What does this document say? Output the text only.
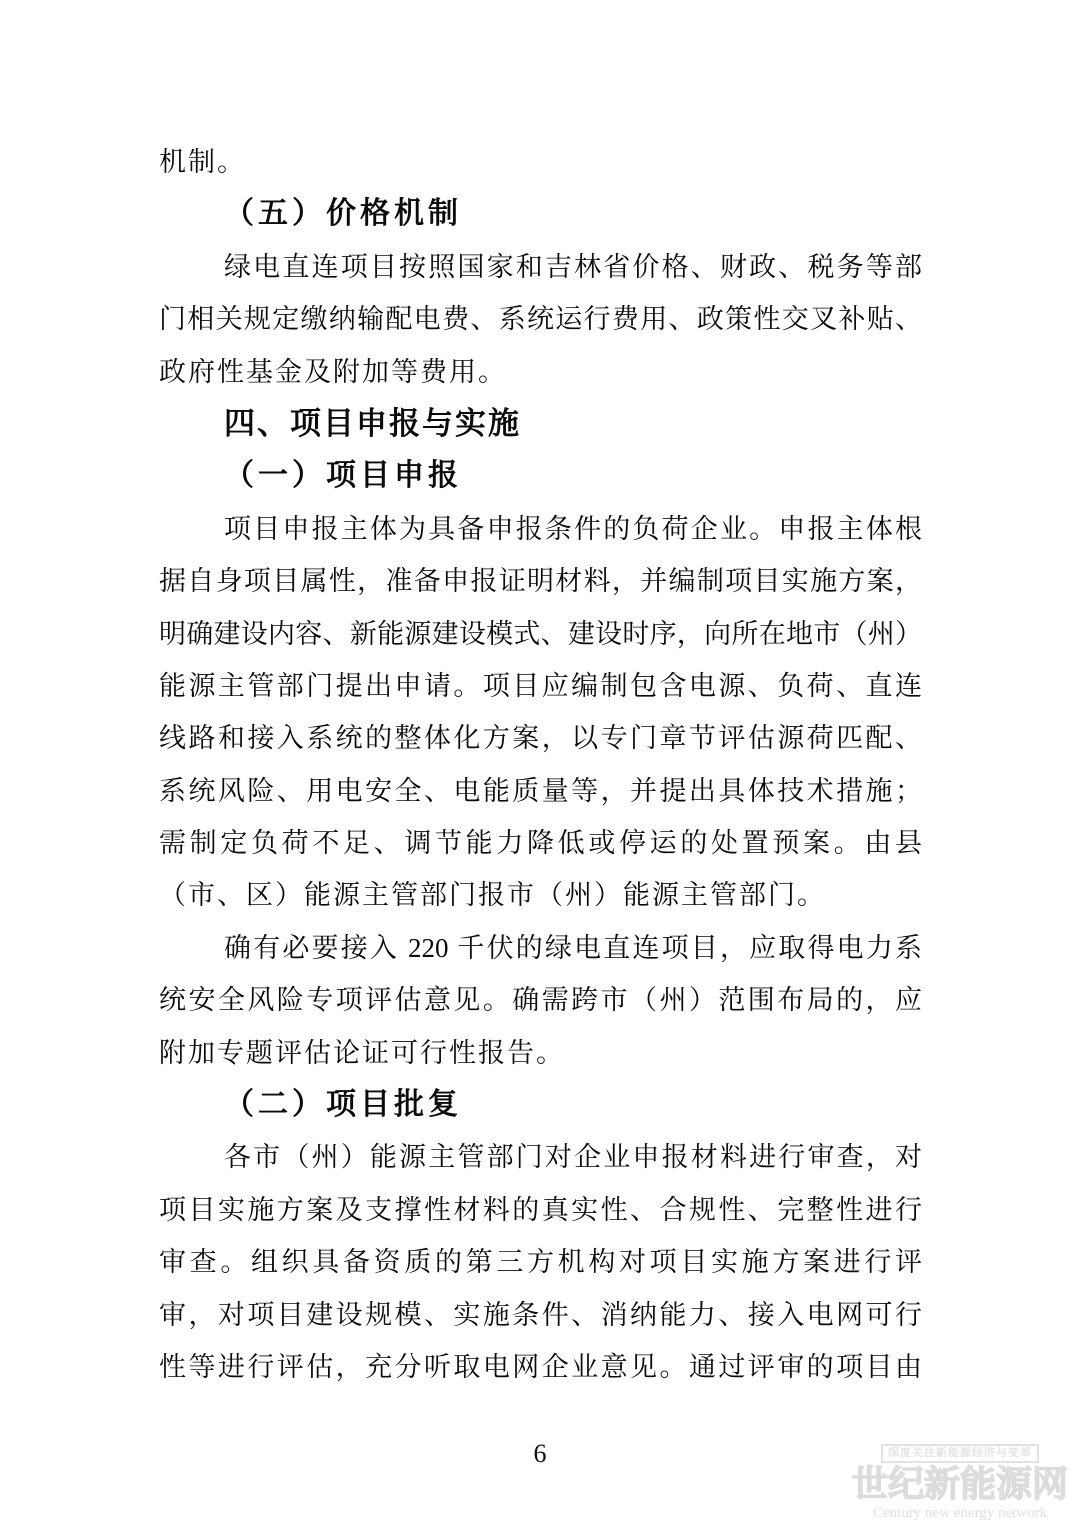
机制。
（五）价格机制
绿电直连项目按照国家和吉林省价格、财政、税务等部
门相关规定缴纳输配电费、系统运行费用、政策性交叉补贴、
政府性基金及附加等费用。
四、项目申报与实施
（一）项目申报
项目申报主体为具备申报条件的负荷企业。申报主体根
据自身项目属性，准备申报证明材料，并编制项目实施方案，
明确建设内容、新能源建设模式、建设时序，向所在地市（州）
能源主管部门提出申请。项目应编制包含电源、负荷、直连
线路和接入系统的整体化方案，以专门章节评估源荷匹配、
系统风险、用电安全、电能质量等，并提出具体技术措施；
需制定负荷不足、调节能力降低或停运的处置预案。由县
（市、区）能源主管部门报市（州）能源主管部门。
确有必要接入 220 千伏的绿电直连项目，应取得电力系
统安全风险专项评估意见。确需跨市（州）范围布局的，应
附加专题评估论证可行性报告。
（二）项目批复
各市（州）能源主管部门对企业申报材料进行审查，对
项目实施方案及支撑性材料的真实性、合规性、完整性进行
审查。组织具备资质的第三方机构对项目实施方案进行评
审，对项目建设规模、实施条件、消纳能力、接入电网可行
性等进行评估，充分听取电网企业意见。通过评审的项目由
6	深度关注新能源经济与变革
世纪新能源网
Century new energy network
